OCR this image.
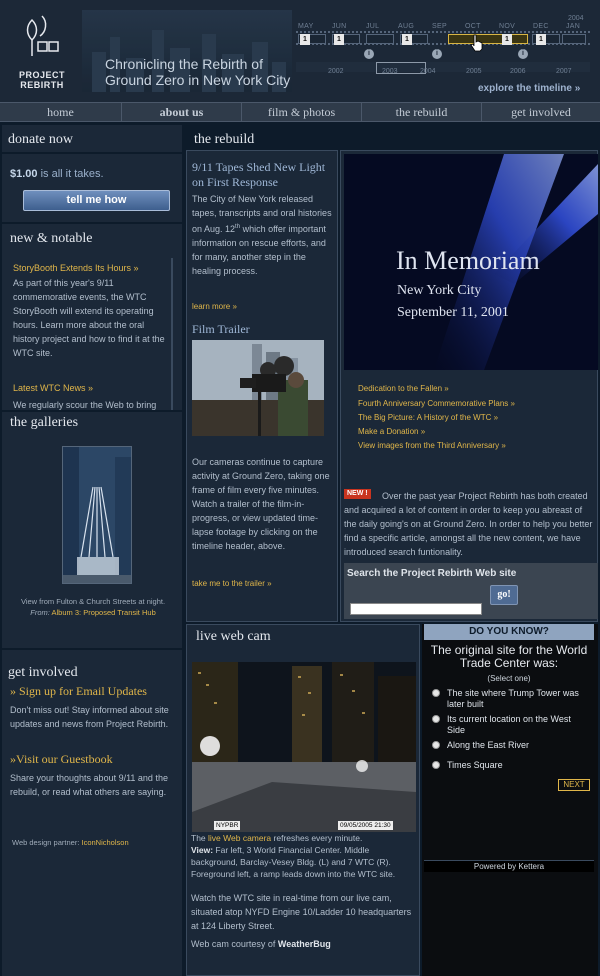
PROJECT
REBIRTH
Chronicling the Rebirth of
Ground Zero in New York City
2004
MAY	JUN	JUL	AUG	SEP	OCT	NOV	DEC JAN
1	1	1	1	1
i	i	i
2002	2003	2004	2005	2006	2007
explore the timeline »
home	about us	film & photos	the rebuild	get involved
donate now
$1.00 is all it takes.
tell me how
new & notable
StoryBooth Extends Its Hours »
As part of this year's 9/11 commemorative events, the WTC StoryBooth will extend its operating hours. Learn more about the oral history project and how to find it at the WTC site.
Latest WTC News »
We regularly scour the Web to bring
the galleries
View from Fulton & Church Streets at night.
From: Album 3: Proposed Transit Hub
get involved
» Sign up for Email Updates
Don't miss out! Stay informed about site updates and news from Project Rebirth.
»Visit our Guestbook
Share your thoughts about 9/11 and the rebuild, or read what others are saying.
Web design partner: IconNicholson
the rebuild
9/11 Tapes Shed New Light on First Response
The City of New York released tapes, transcripts and oral histories on Aug. 12th which offer important information on rescue efforts, and for many, another step in the healing process.
learn more »
Film Trailer
Our cameras continue to capture activity at Ground Zero, taking one frame of film every five minutes. Watch a trailer of the film-in-progress, or view updated time-lapse footage by clicking on the timeline header, above.
take me to the trailer »
In Memoriam
New York City
September 11, 2001
Dedication to the Fallen »
Fourth Anniversary Commemorative Plans »
The Big Picture: A History of the WTC »
Make a Donation »
View images from the Third Anniversary »
NEW !	Over the past year Project Rebirth has both created and acquired a lot of content in order to keep you abreast of the daily going's on at Ground Zero. In order to help you better find a specific article, amongst all the new content, we have introduced search funtionality.
Search the Project Rebirth Web site
go!
live web cam
NYPBR	09/05/2005 21:30
The live Web camera refreshes every minute.
View: Far left, 3 World Financial Center. Middle background, Barclay-Vesey Bldg. (L) and 7 WTC (R). Foreground left, a ramp leads down into the WTC site.
Watch the WTC site in real-time from our live cam, situated atop NYFD Engine 10/Ladder 10 headquarters at 124 Liberty Street.
Web cam courtesy of WeatherBug
DO YOU KNOW?
The original site for the World Trade Center was:
(Select one)
The site where Trump Tower was later built
Its current location on the West Side
Along the East River
Times Square
NEXT
Powered by Kettera
